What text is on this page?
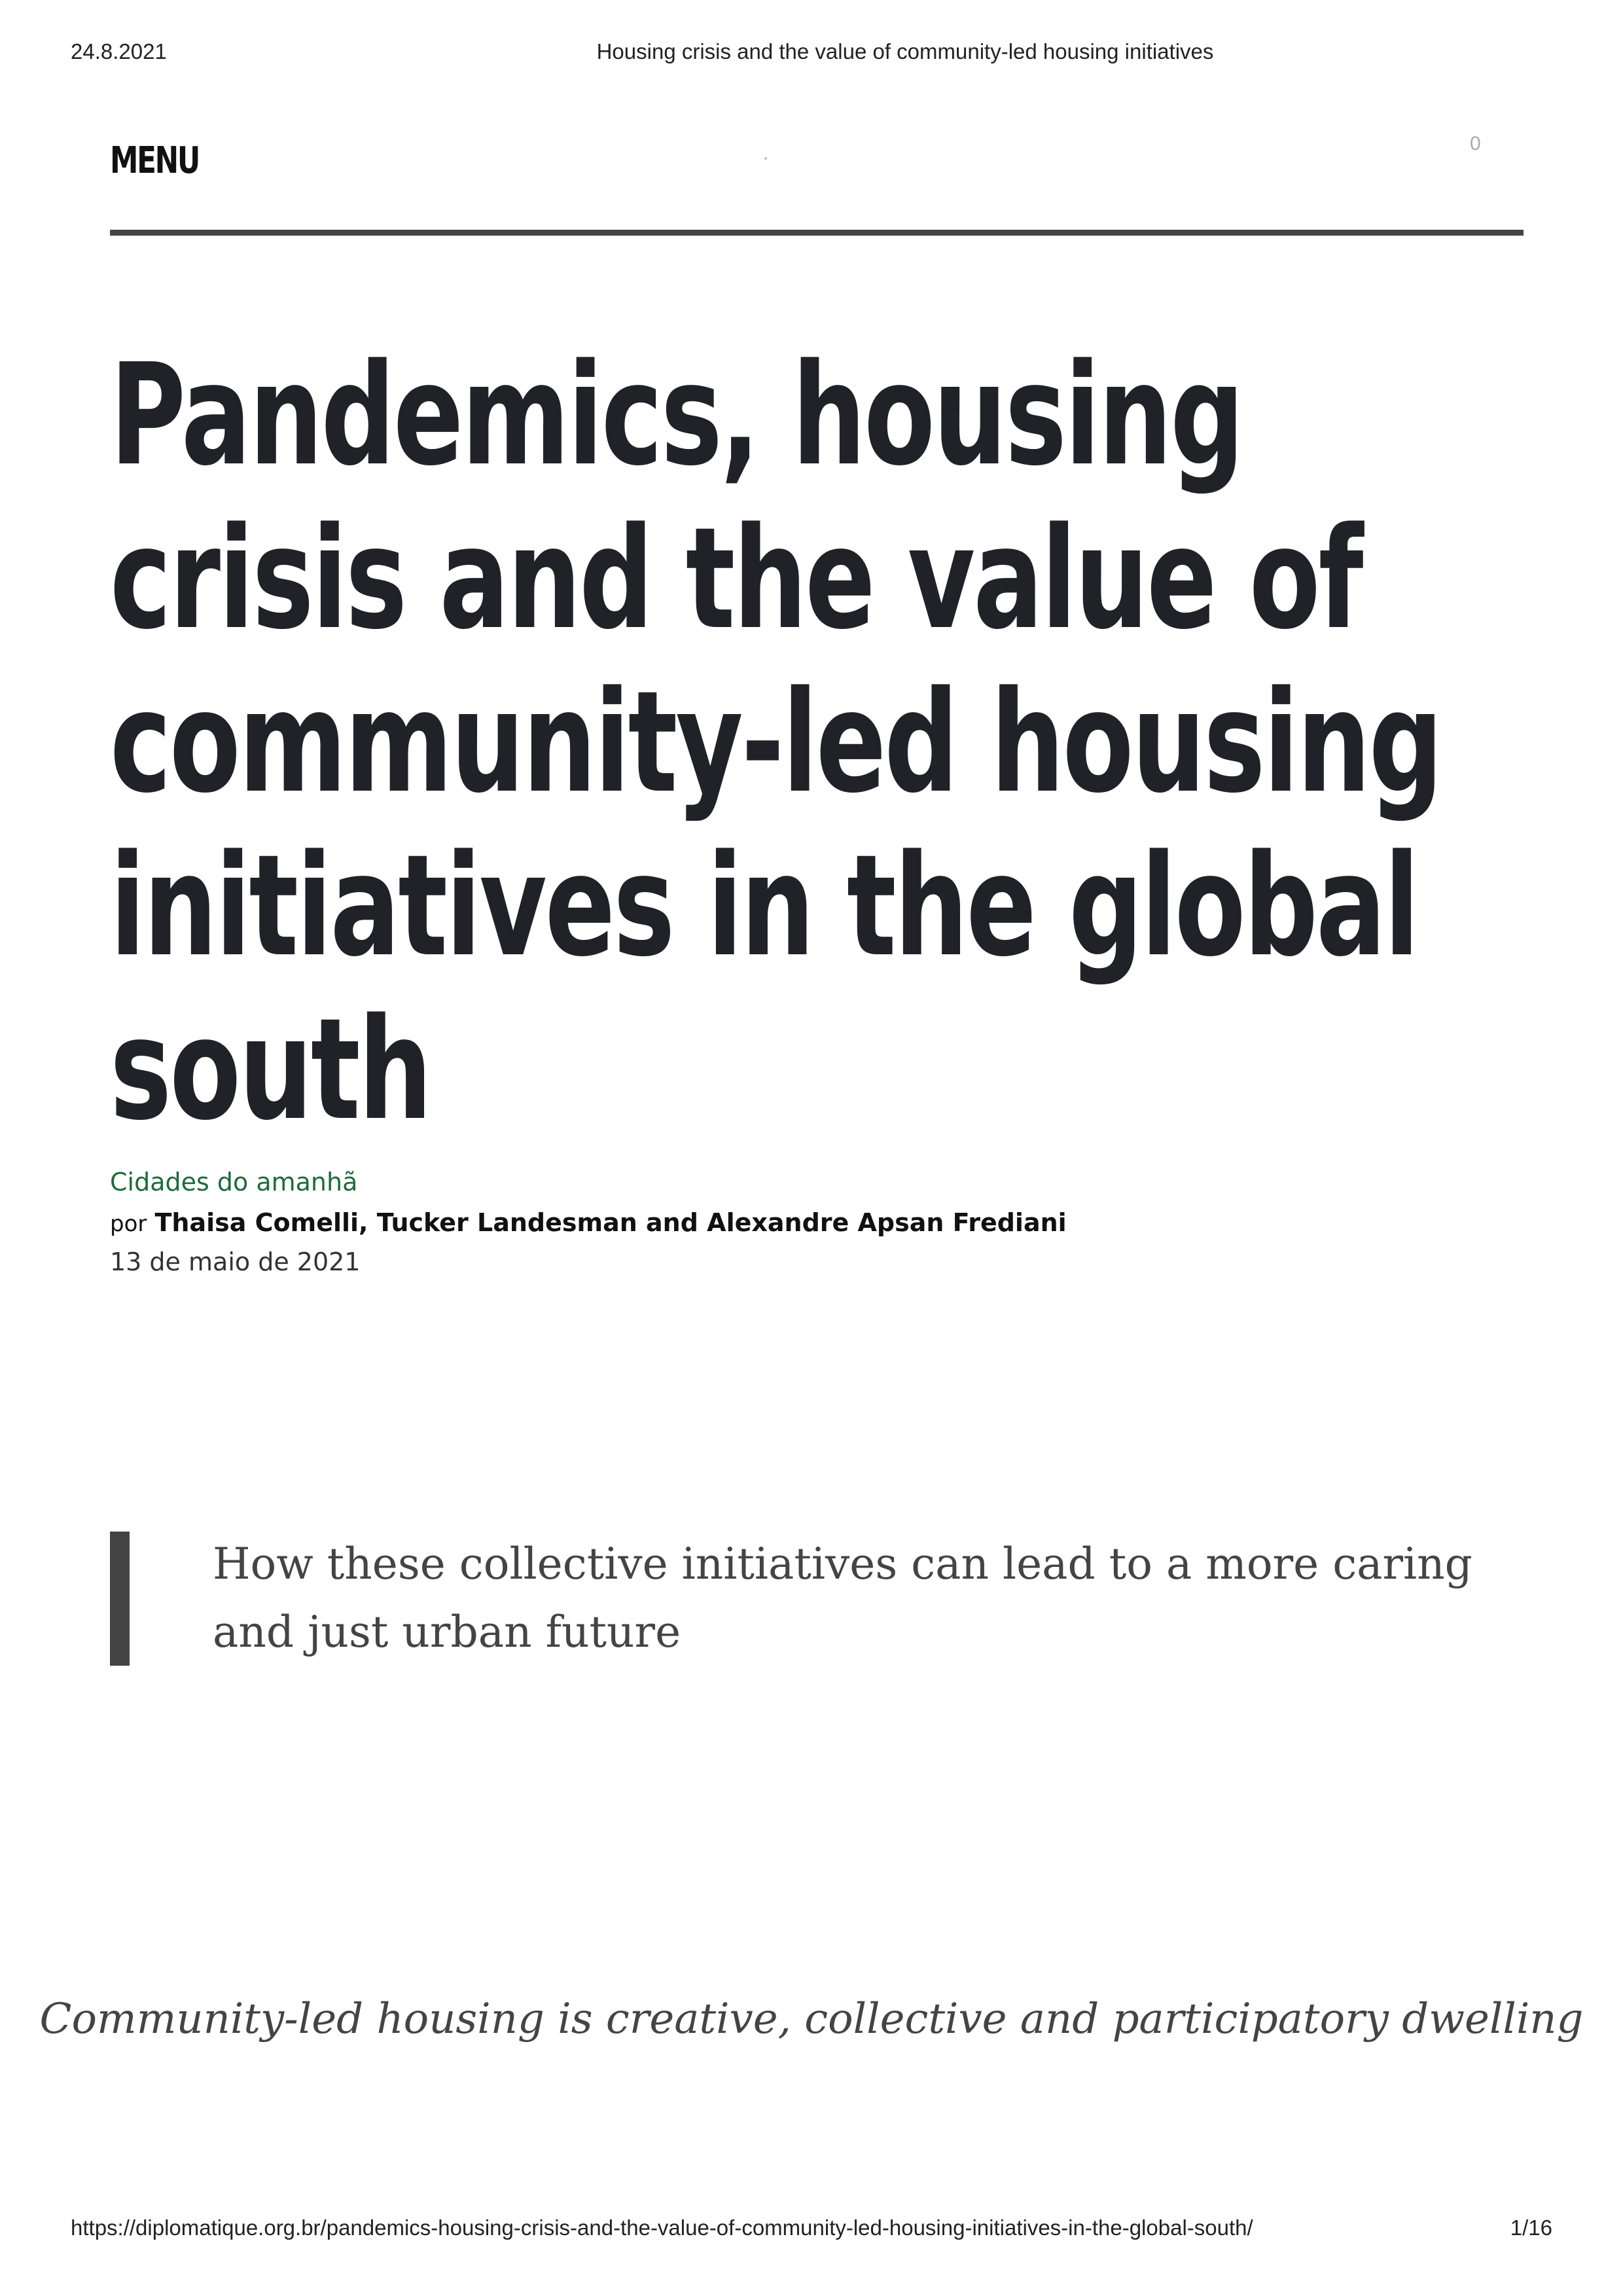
24.8.2021	Housing crisis and the value of community-led housing initiatives
MENU	0
Pandemics, housing crisis and the value of community-led housing initiatives in the global south
Cidades do amanhã
por Thaisa Comelli, Tucker Landesman and Alexandre Apsan Frediani
13 de maio de 2021
How these collective initiatives can lead to a more caring and just urban future
Community-led housing is creative, collective and participatory dwelling
https://diplomatique.org.br/pandemics-housing-crisis-and-the-value-of-community-led-housing-initiatives-in-the-global-south/	1/16
